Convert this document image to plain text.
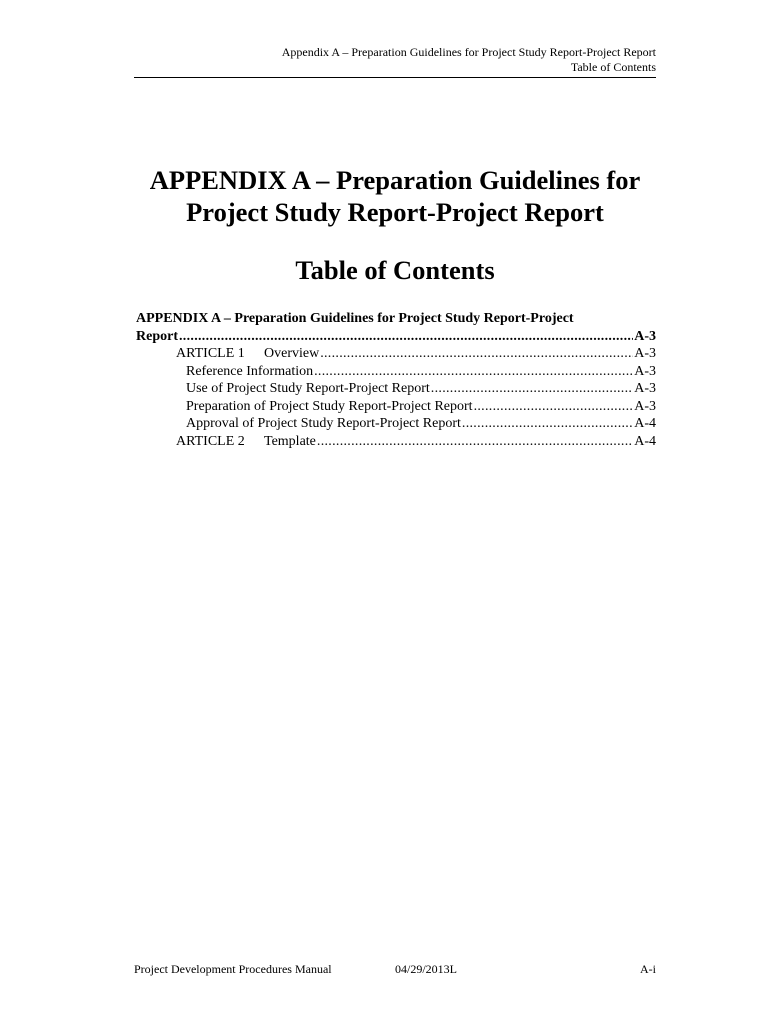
Appendix A – Preparation Guidelines for Project Study Report-Project Report
Table of Contents
APPENDIX A – Preparation Guidelines for
Project Study Report-Project Report
Table of Contents
APPENDIX A – Preparation Guidelines for Project Study Report-Project
Report . . .	A-3
ARTICLE 1 Overview . . .	A-3
Reference Information . . .	A-3
Use of Project Study Report-Project Report . . .	A-3
Preparation of Project Study Report-Project Report . . .	A-3
Approval of Project Study Report-Project Report . . .	A-4
ARTICLE 2 Template . . .	A-4
Project Development Procedures Manual	04/29/2013L	A-i
